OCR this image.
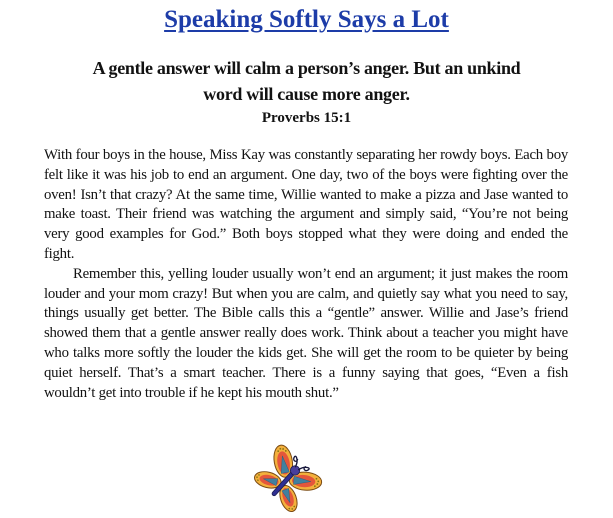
Speaking Softly Says a Lot

A gentle answer will calm a person’s anger. But an unkind word will cause more anger.

Proverbs 15:1

With four boys in the house, Miss Kay was constantly separating her rowdy boys. Each boy felt like it was his job to end an argument. One day, two of the boys were fighting over the oven! Isn’t that crazy? At the same time, Willie wanted to make a pizza and Jase wanted to make toast. Their friend was watching the argument and simply said, “You’re not being very good examples for God.” Both boys stopped what they were doing and ended the fight.

Remember this, yelling louder usually won’t end an argument; it just makes the room louder and your mom crazy! But when you are calm, and quietly say what you need to say, things usually get better. The Bible calls this a “gentle” answer. Willie and Jase’s friend showed them that a gentle answer really does work. Think about a teacher you might have who talks more softly the louder the kids get. She will get the room to be quieter by being quiet herself. That’s a smart teacher. There is a funny saying that goes, “Even a fish wouldn’t get into trouble if he kept his mouth shut.”
